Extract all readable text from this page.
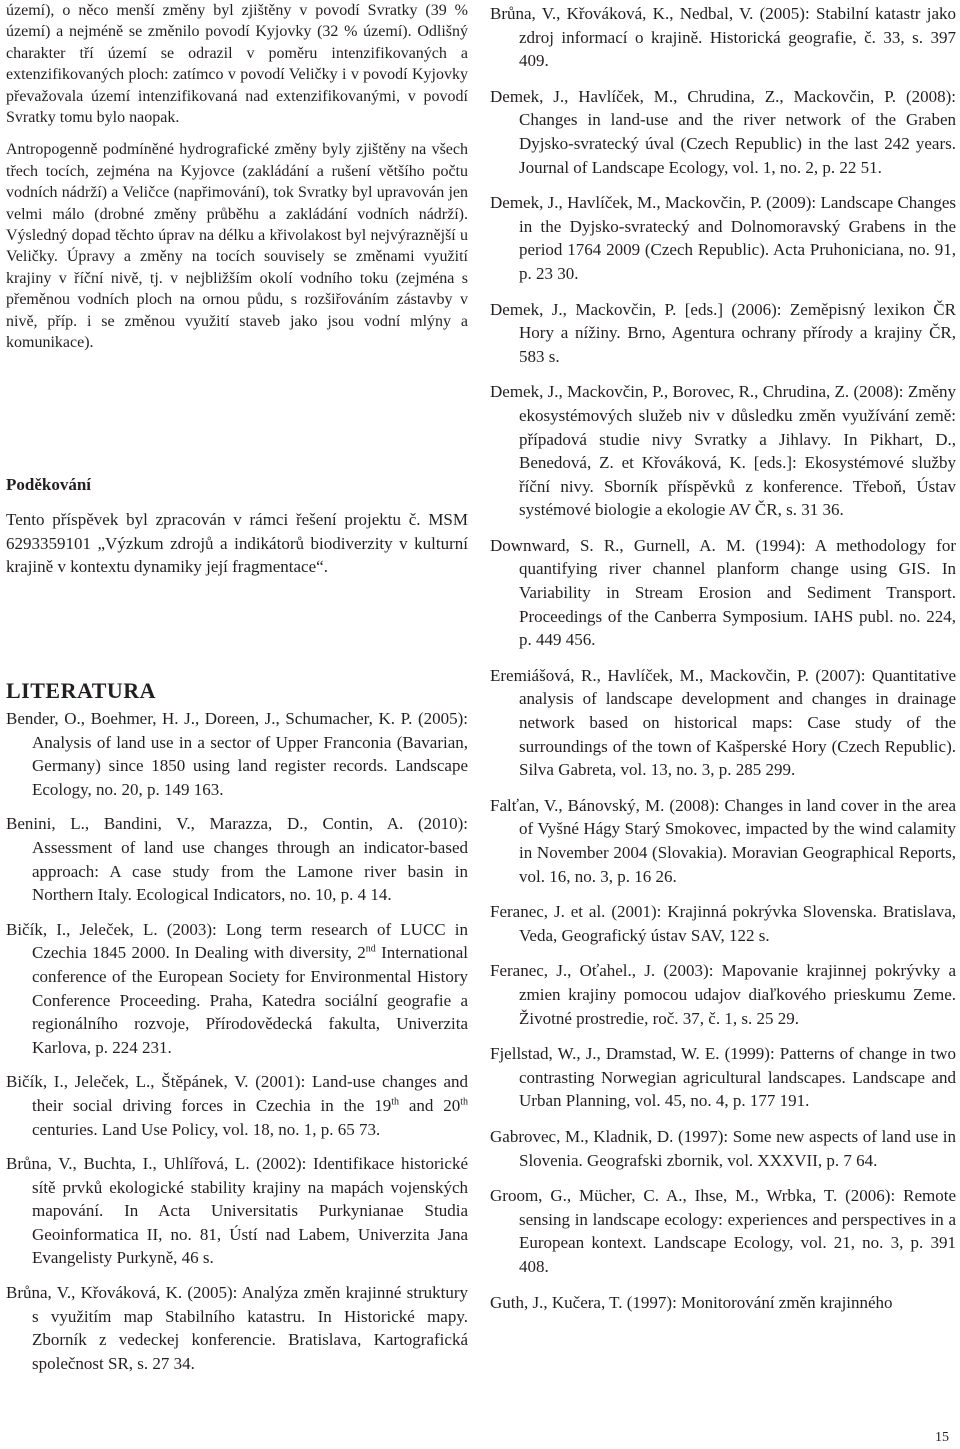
území), o něco menší změny byl zjištěny v povodí Svratky (39 % území) a nejméně se změnilo povodí Kyjovky (32 % území). Odlišný charakter tří území se odrazil v poměru intenzifikovaných a extenzifikovaných ploch: zatímco v povodí Veličky i v povodí Kyjovky převažovala území intenzifikovaná nad extenzifikovanými, v povodí Svratky tomu bylo naopak.

Antropogenně podmíněné hydrografické změny byly zjištěny na všech třech tocích, zejména na Kyjovce (zakládání a rušení většího počtu vodních nádrží) a Veličce (napřimování), tok Svratky byl upravován jen velmi málo (drobné změny průběhu a zakládání vodních nádrží). Výsledný dopad těchto úprav na délku a křivolakost byl nejvýraznější u Veličky. Úpravy a změny na tocích souvisely se změnami využití krajiny v říční nivě, tj. v nejbližším okolí vodního toku (zejména s přeměnou vodních ploch na ornou půdu, s rozšiřováním zástavby v nivě, příp. i se změnou využití staveb jako jsou vodní mlýny a komunikace).

Poděkování

Tento příspěvek byl zpracován v rámci řešení projektu č. MSM 6293359101 „Výzkum zdrojů a indikátorů biodiverzity v kulturní krajině v kontextu dynamiky její fragmentace“.

LITERATURA

Bender, O., Boehmer, H. J., Doreen, J., Schumacher, K. P. (2005): Analysis of land use in a sector of Upper Franconia (Bavarian, Germany) since 1850 using land register records. Landscape Ecology, no. 20, p. 149 163.

Benini, L., Bandini, V., Marazza, D., Contin, A. (2010): Assessment of land use changes through an indicator-based approach: A case study from the Lamone river basin in Northern Italy. Ecological Indicators, no. 10, p. 4 14.

Bičík, I., Jeleček, L. (2003): Long term research of LUCC in Czechia 1845 2000. In Dealing with diversity, 2nd International conference of the European Society for Environmental History Conference Proceeding. Praha, Katedra sociální geografie a regionálního rozvoje, Přírodovědecká fakulta, Univerzita Karlova, p. 224 231.

Bičík, I., Jeleček, L., Štěpánek, V. (2001): Land-use changes and their social driving forces in Czechia in the 19th and 20th centuries. Land Use Policy, vol. 18, no. 1, p. 65 73.

Brůna, V., Buchta, I., Uhlířová, L. (2002): Identifikace historické sítě prvků ekologické stability krajiny na mapách vojenských mapování. In Acta Universitatis Purkynianae Studia Geoinformatica II, no. 81, Ústí nad Labem, Univerzita Jana Evangelisty Purkyně, 46 s.

Brůna, V., Křováková, K. (2005): Analýza změn krajinné struktury s využitím map Stabilního katastru. In Historické mapy. Zborník z vedeckej konferencie. Bratislava, Kartografická společnost SR, s. 27 34.

Brůna, V., Křováková, K., Nedbal, V. (2005): Stabilní katastr jako zdroj informací o krajině. Historická geografie, č. 33, s. 397 409.

Demek, J., Havlíček, M., Chrudina, Z., Mackovčin, P. (2008): Changes in land-use and the river network of the Graben Dyjsko-svratecký úval (Czech Republic) in the last 242 years. Journal of Landscape Ecology, vol. 1, no. 2, p. 22 51.

Demek, J., Havlíček, M., Mackovčin, P. (2009): Landscape Changes in the Dyjsko-svratecký and Dolnomoravský Grabens in the period 1764 2009 (Czech Republic). Acta Pruhoniciana, no. 91, p. 23 30.

Demek, J., Mackovčin, P. [eds.] (2006): Zeměpisný lexikon ČR Hory a nížiny. Brno, Agentura ochrany přírody a krajiny ČR, 583 s.

Demek, J., Mackovčin, P., Borovec, R., Chrudina, Z. (2008): Změny ekosystémových služeb niv v důsledku změn využívání země: případová studie nivy Svratky a Jihlavy. In Pikhart, D., Benedová, Z. et Křováková, K. [eds.]: Ekosystémové služby říční nivy. Sborník příspěvků z konference. Třeboň, Ústav systémové biologie a ekologie AV ČR, s. 31 36.

Downward, S. R., Gurnell, A. M. (1994): A methodology for quantifying river channel planform change using GIS. In Variability in Stream Erosion and Sediment Transport. Proceedings of the Canberra Symposium. IAHS publ. no. 224, p. 449 456.

Eremiášová, R., Havlíček, M., Mackovčin, P. (2007): Quantitative analysis of landscape development and changes in drainage network based on historical maps: Case study of the surroundings of the town of Kašperské Hory (Czech Republic). Silva Gabreta, vol. 13, no. 3, p. 285 299.

Falťan, V., Bánovský, M. (2008): Changes in land cover in the area of Vyšné Hágy Starý Smokovec, impacted by the wind calamity in November 2004 (Slovakia). Moravian Geographical Reports, vol. 16, no. 3, p. 16 26.

Feranec, J. et al. (2001): Krajinná pokrývka Slovenska. Bratislava, Veda, Geografický ústav SAV, 122 s.

Feranec, J., Oťahel., J. (2003): Mapovanie krajinnej pokrývky a zmien krajiny pomocou udajov diaľkového prieskumu Zeme. Životné prostredie, roč. 37, č. 1, s. 25 29.

Fjellstad, W., J., Dramstad, W. E. (1999): Patterns of change in two contrasting Norwegian agricultural landscapes. Landscape and Urban Planning, vol. 45, no. 4, p. 177 191.

Gabrovec, M., Kladnik, D. (1997): Some new aspects of land use in Slovenia. Geografski zbornik, vol. XXXVII, p. 7 64.

Groom, G., Mücher, C. A., Ihse, M., Wrbka, T. (2006): Remote sensing in landscape ecology: experiences and perspectives in a European kontext. Landscape Ecology, vol. 21, no. 3, p. 391 408.

Guth, J., Kučera, T. (1997): Monitorování změn krajinného

15
